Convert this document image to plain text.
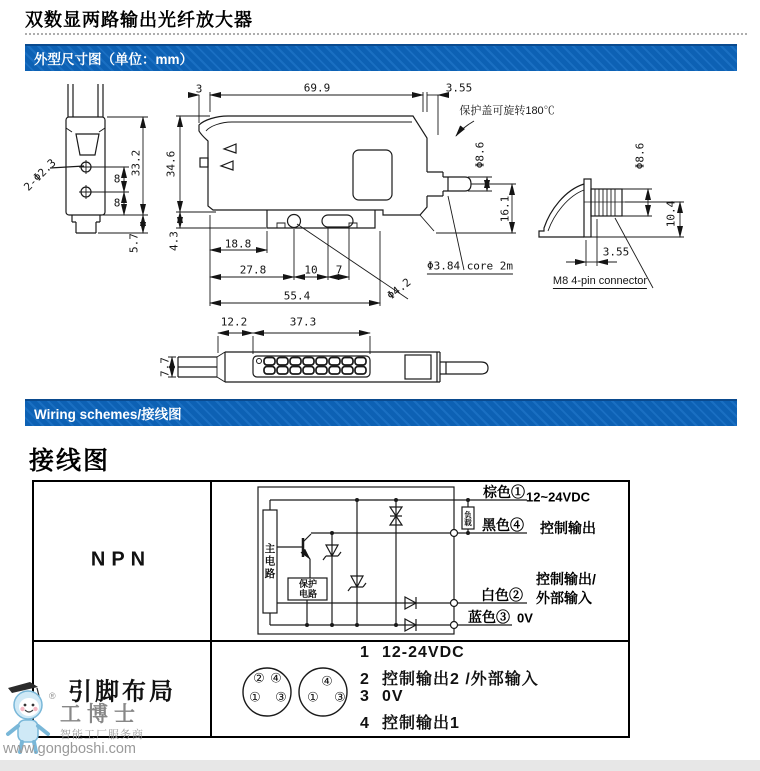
双数显两路输出光纤放大器
外型尺寸图（单位：mm）
Wiring schemes/接线图
2-Φ2.3	33.2
8
8
5.7
34.6
4.3
3	69.9	3.55
保护盖可旋转180℃
Φ8.6
16.1
18.8
27.8	10 7
55.4	Φ4.2
Φ3.84 core 2m
Φ8.6
10.4
3.55
M8 4-pin connector
12.2	37.3
7.7
接线图
NPN
引脚布局
主电路
保护电路
负载
棕色① 12~24VDC
黑色④ 控制输出
控制输出/
外部输入
白色②
蓝色③ 0V
② ④
① ③
④
① ③
1 12-24VDC
2 控制输出2 /外部输入
3 0V
4 控制输出1
®
工博士
智能工厂服务商
www.gongboshi.com
